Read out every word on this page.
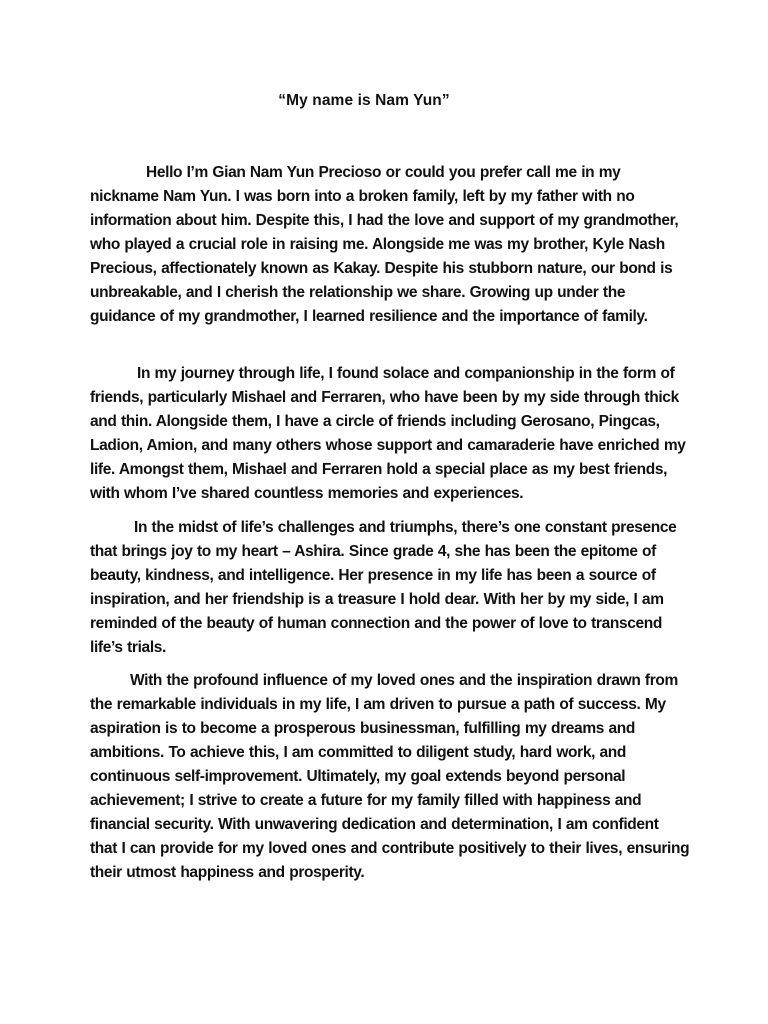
“My name is Nam Yun”

Hello I’m Gian Nam Yun Precioso or could you prefer call me in my nickname Nam Yun. I was born into a broken family, left by my father with no information about him. Despite this, I had the love and support of my grandmother, who played a crucial role in raising me. Alongside me was my brother, Kyle Nash Precious, affectionately known as Kakay. Despite his stubborn nature, our bond is unbreakable, and I cherish the relationship we share. Growing up under the guidance of my grandmother, I learned resilience and the importance of family.

In my journey through life, I found solace and companionship in the form of friends, particularly Mishael and Ferraren, who have been by my side through thick and thin. Alongside them, I have a circle of friends including Gerosano, Pingcas, Ladion, Amion, and many others whose support and camaraderie have enriched my life. Amongst them, Mishael and Ferraren hold a special place as my best friends, with whom I’ve shared countless memories and experiences.

In the midst of life’s challenges and triumphs, there’s one constant presence that brings joy to my heart – Ashira. Since grade 4, she has been the epitome of beauty, kindness, and intelligence. Her presence in my life has been a source of inspiration, and her friendship is a treasure I hold dear. With her by my side, I am reminded of the beauty of human connection and the power of love to transcend life’s trials.

With the profound influence of my loved ones and the inspiration drawn from the remarkable individuals in my life, I am driven to pursue a path of success. My aspiration is to become a prosperous businessman, fulfilling my dreams and ambitions. To achieve this, I am committed to diligent study, hard work, and continuous self-improvement. Ultimately, my goal extends beyond personal achievement; I strive to create a future for my family filled with happiness and financial security. With unwavering dedication and determination, I am confident that I can provide for my loved ones and contribute positively to their lives, ensuring their utmost happiness and prosperity.
